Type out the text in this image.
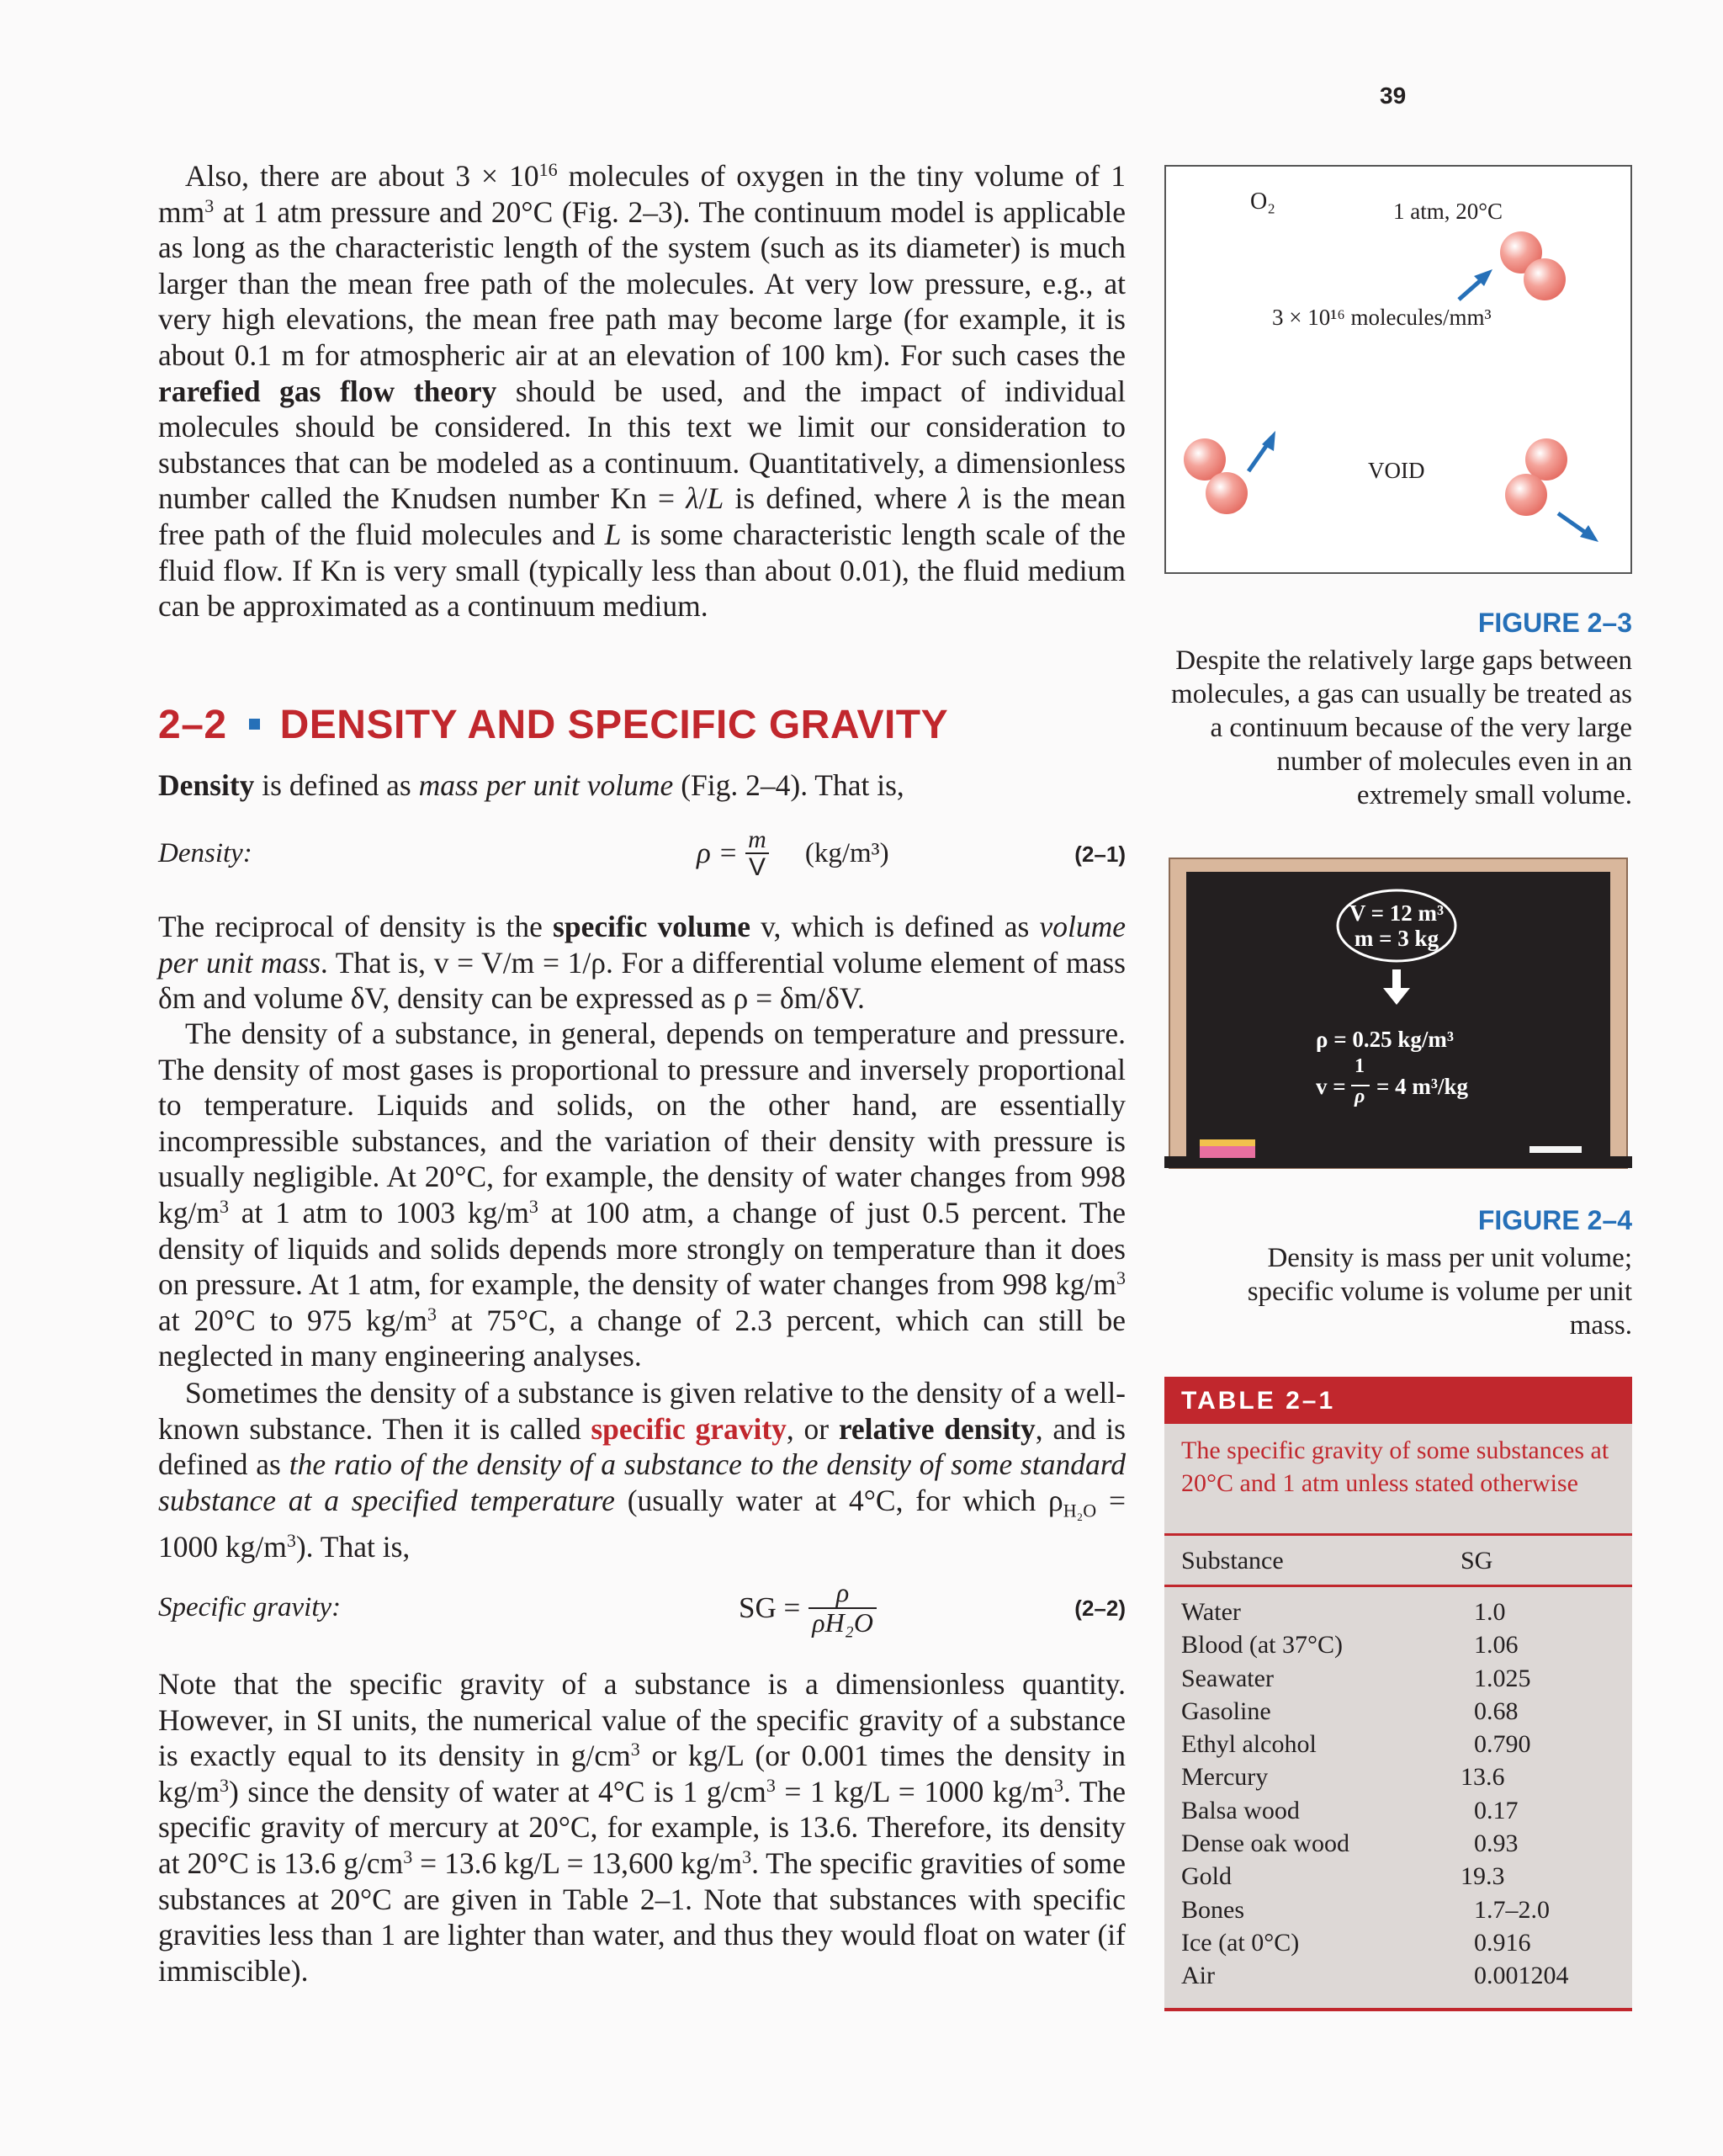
39
Also, there are about $3 \times 10^{16}$ molecules of oxygen in the tiny volume of 1 $mm^3$ at 1 atm pressure and 20°C (Fig. 2–3). The continuum model is applicable as long as the characteristic length of the system (such as its diameter) is much larger than the mean free path of the molecules. At very low pressure, e.g., at very high elevations, the mean free path may become large (for example, it is about 0.1 m for atmospheric air at an elevation of 100 km). For such cases the rarefied gas flow theory should be used, and the impact of individual molecules should be considered. In this text we limit our consideration to substances that can be modeled as a continuum. Quantitatively, a dimensionless number called the Knudsen number Kn = λ/L is defined, where λ is the mean free path of the fluid molecules and L is some characteristic length scale of the fluid flow. If Kn is very small (typically less than about 0.01), the fluid medium can be approximated as a continuum medium.
2–2 DENSITY AND SPECIFIC GRAVITY
Density is defined as mass per unit volume (Fig. 2–4). That is,
Density:	$\rho = \frac{m}{V} (kg/m^3)$	(2–1)
The reciprocal of density is the specific volume v, which is defined as volume per unit mass. That is, v = V/m = 1/ρ. For a differential volume element of mass δm and volume δV, density can be expressed as ρ = δm/δV.
The density of a substance, in general, depends on temperature and pressure. The density of most gases is proportional to pressure and inversely proportional to temperature. Liquids and solids, on the other hand, are essentially incompressible substances, and the variation of their density with pressure is usually negligible. At 20°C, for example, the density of water changes from 998 $kg/m^3$ at 1 atm to 1003 $kg/m^3$ at 100 atm, a change of just 0.5 percent. The density of liquids and solids depends more strongly on temperature than it does on pressure. At 1 atm, for example, the density of water changes from 998 $kg/m^3$ at 20°C to 975 $kg/m^3$ at 75°C, a change of 2.3 percent, which can still be neglected in many engineering analyses.
Sometimes the density of a substance is given relative to the density of a well-known substance. Then it is called specific gravity, or relative density, and is defined as the ratio of the density of a substance to the density of some standard substance at a specified temperature (usually water at 4°C, for which $\rho_{H_2O} = 1000$ $kg/m^3$). That is,
Specific gravity:	SG = $\frac{\rho}{\text{ρH₂O}}$	(2–2)
Note that the specific gravity of a substance is a dimensionless quantity. However, in SI units, the numerical value of the specific gravity of a substance is exactly equal to its density in $g/cm^3$ or kg/L (or 0.001 times the density in $kg/m^3$) since the density of water at 4°C is 1 $g/cm^3 = 1$ kg/L = 1000 $kg/m^3$. The specific gravity of mercury at 20°C, for example, is 13.6. Therefore, its density at 20°C is 13.6 $g/cm^3 = 13.6$ kg/L = 13,600 $kg/m^3$. The specific gravities of some substances at 20°C are given in Table 2–1. Note that substances with specific gravities less than 1 are lighter than water, and thus they would float on water (if immiscible).
O₂	1 atm, 20°C
3 × 10¹⁶ molecules/mm³
VOID
FIGURE 2–3
Despite the relatively large gaps between molecules, a gas can usually be treated as a continuum because of the very large number of molecules even in an extremely small volume.
V = 12 m³
m = 3 kg
ρ = 0.25 kg/m³
v =
1
ρ = 4 m³/kg
FIGURE 2–4
Density is mass per unit volume; specific volume is volume per unit mass.
TABLE 2–1
The specific gravity of some substances at 20°C and 1 atm unless stated otherwise
Substance	SG
Water	1.0
Blood (at 37°C)	1.06
Seawater	1.025
Gasoline	0.68
Ethyl alcohol	0.790
Mercury	13.6
Balsa wood	0.17
Dense oak wood	0.93
Gold	19.3
Bones	1.7–2.0
Ice (at 0°C)	0.916
Air	0.001204
